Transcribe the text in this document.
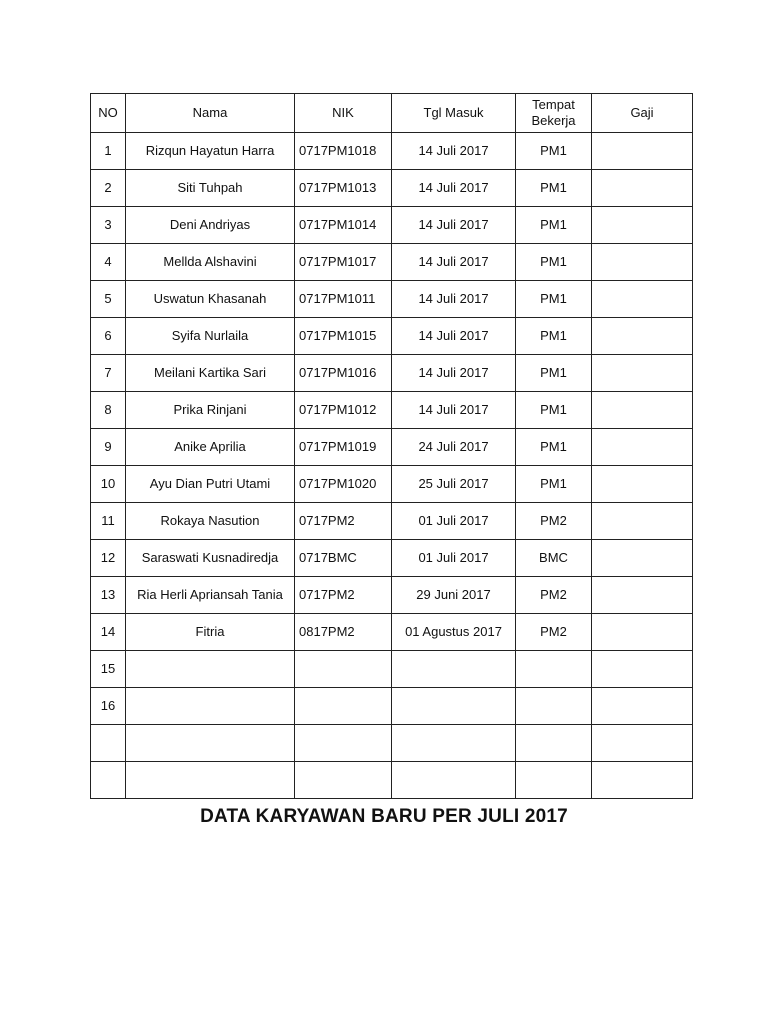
NO	Nama	NIK	Tgl Masuk	Tempat Bekerja	Gaji
1	Rizqun Hayatun Harra	0717PM1018	14 Juli 2017	PM1	
2	Siti Tuhpah	0717PM1013	14 Juli 2017	PM1	
3	Deni Andriyas	0717PM1014	14 Juli 2017	PM1	
4	Mellda Alshavini	0717PM1017	14 Juli 2017	PM1	
5	Uswatun Khasanah	0717PM1011	14 Juli 2017	PM1	
6	Syifa Nurlaila	0717PM1015	14 Juli 2017	PM1	
7	Meilani Kartika Sari	0717PM1016	14 Juli 2017	PM1	
8	Prika Rinjani	0717PM1012	14 Juli 2017	PM1	
9	Anike Aprilia	0717PM1019	24 Juli 2017	PM1	
10	Ayu Dian Putri Utami	0717PM1020	25 Juli 2017	PM1	
11	Rokaya Nasution	0717PM2	01 Juli 2017	PM2	
12	Saraswati Kusnadiredja	0717BMC	01 Juli 2017	BMC	
13	Ria Herli Apriansah Tania	0717PM2	29 Juni 2017	PM2	
14	Fitria	0817PM2	01 Agustus 2017	PM2	
15					
16					

DATA KARYAWAN BARU PER JULI 2017
